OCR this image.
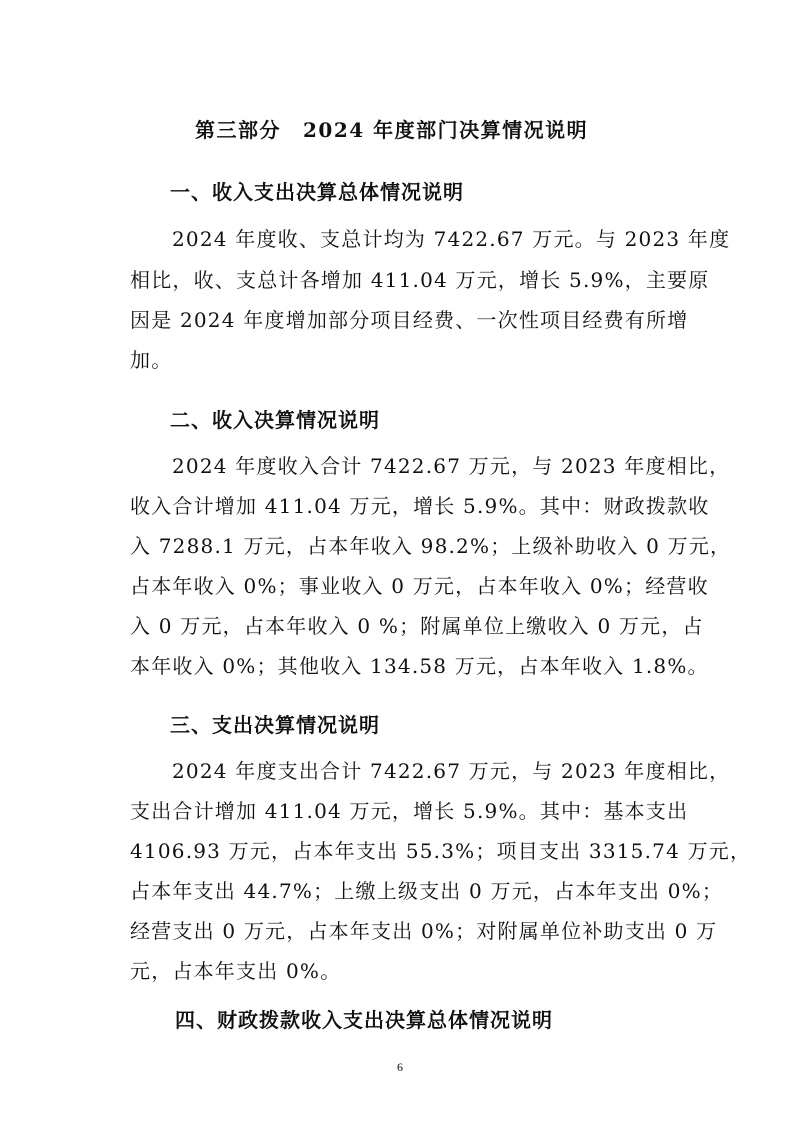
第三部分 2024 年度部门决算情况说明
一、收入支出决算总体情况说明

2024 年度收、支总计均为 7422.67 万元。与 2023 年度

相比，收、支总计各增加 411.04 万元，增长 5.9%，主要原

因是 2024 年度增加部分项目经费、一次性项目经费有所增

加。

二、收入决算情况说明

2024 年度收入合计 7422.67 万元，与 2023 年度相比，

收入合计增加 411.04 万元，增长 5.9%。其中：财政拨款收

入 7288.1 万元，占本年收入 98.2%；上级补助收入 0 万元，

占本年收入 0%；事业收入 0 万元，占本年收入 0%；经营收

入 0 万元，占本年收入 0 %；附属单位上缴收入 0 万元，占

本年收入 0%；其他收入 134.58 万元，占本年收入 1.8%。

三、支出决算情况说明

2024 年度支出合计 7422.67 万元，与 2023 年度相比，

支出合计增加 411.04 万元，增长 5.9%。其中：基本支出

4106.93 万元，占本年支出 55.3%；项目支出 3315.74 万元，

占本年支出 44.7%；上缴上级支出 0 万元，占本年支出 0%；

经营支出 0 万元，占本年支出 0%；对附属单位补助支出 0 万

元，占本年支出 0%。

四、财政拨款收入支出决算总体情况说明
6
